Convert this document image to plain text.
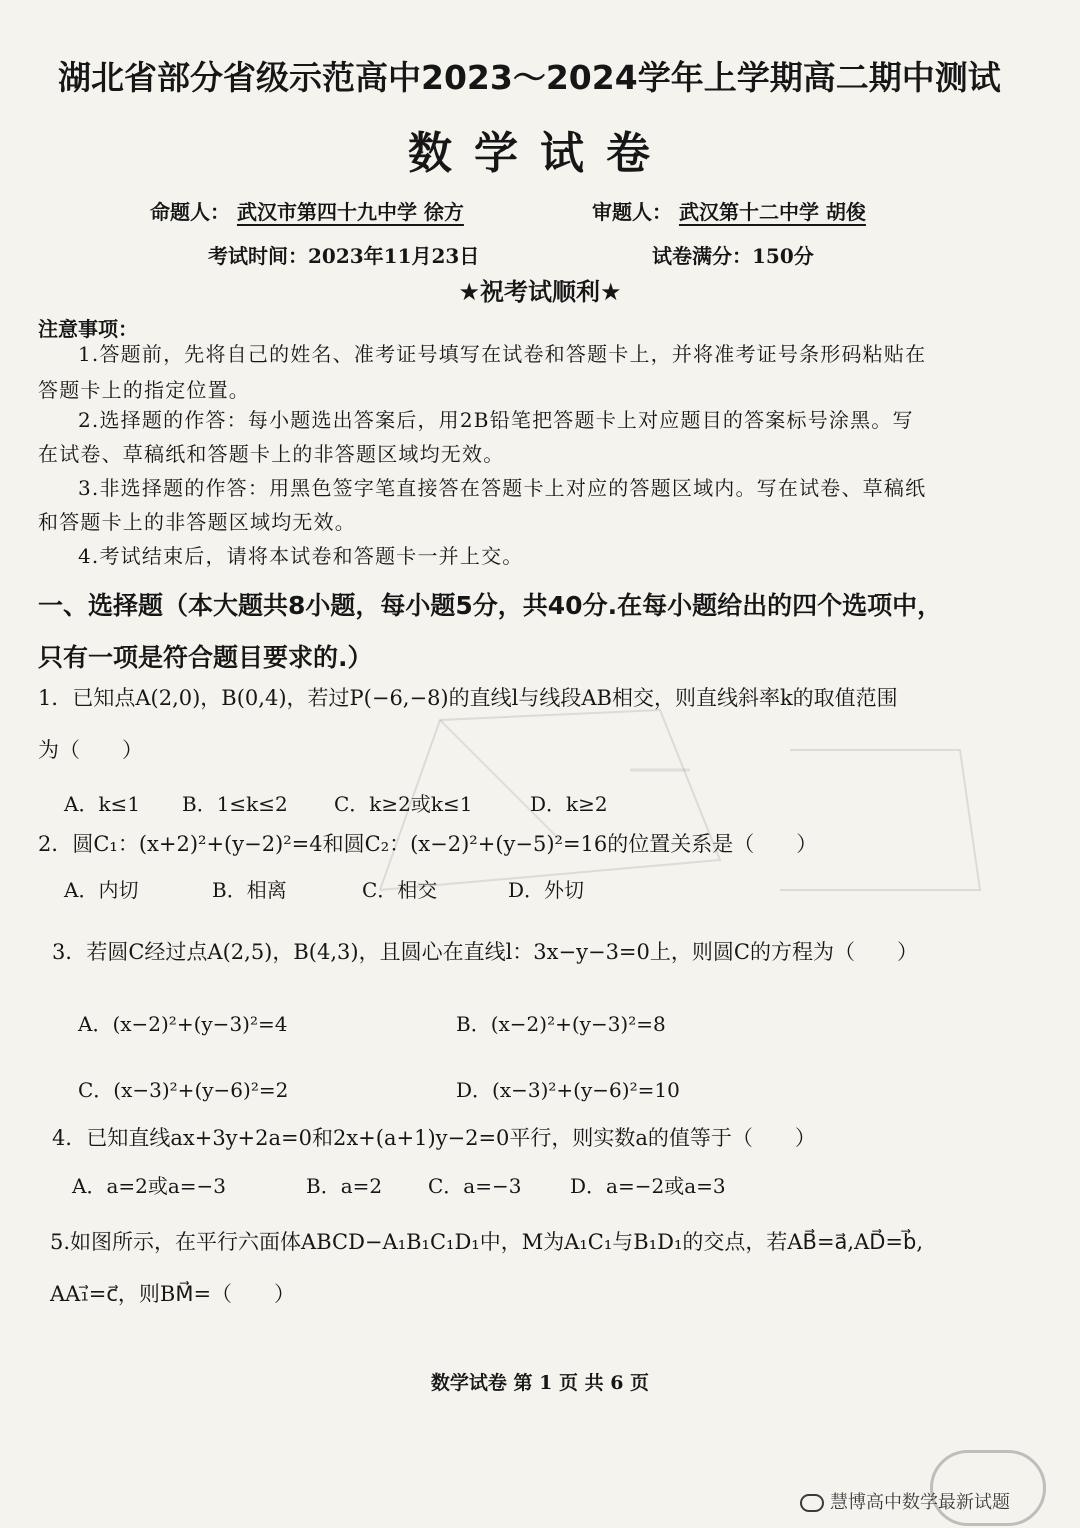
湖北省部分省级示范高中2023～2024学年上学期高二期中测试
数学试卷
命题人： 武汉市第四十九中学 徐方	审题人： 武汉第十二中学 胡俊
考试时间：2023年11月23日	试卷满分：150分
★祝考试顺利★
注意事项：
1.答题前，先将自己的姓名、准考证号填写在试卷和答题卡上，并将准考证号条形码粘贴在
答题卡上的指定位置。
2.选择题的作答：每小题选出答案后，用2B铅笔把答题卡上对应题目的答案标号涂黑。写
在试卷、草稿纸和答题卡上的非答题区域均无效。
3.非选择题的作答：用黑色签字笔直接答在答题卡上对应的答题区域内。写在试卷、草稿纸
和答题卡上的非答题区域均无效。
4.考试结束后，请将本试卷和答题卡一并上交。
一、选择题（本大题共8小题，每小题5分，共40分.在每小题给出的四个选项中，
只有一项是符合题目要求的.）
1．已知点A(2,0)，B(0,4)，若过P(−6,−8)的直线l与线段AB相交，则直线斜率k的取值范围
为（　　）
A．k≤1 B．1≤k≤2 C．k≥2或k≤1	D．k≥2
2．圆C₁：(x+2)²+(y−2)²=4和圆C₂：(x−2)²+(y−5)²=16的位置关系是（　　）
A．内切	B．相离	C．相交	D．外切
3．若圆C经过点A(2,5)，B(4,3)，且圆心在直线l：3x−y−3=0上，则圆C的方程为（　　）
A．(x−2)²+(y−3)²=4	B．(x−2)²+(y−3)²=8
C．(x−3)²+(y−6)²=2	D．(x−3)²+(y−6)²=10
4．已知直线ax+3y+2a=0和2x+(a+1)y−2=0平行，则实数a的值等于（　　）
A．a=2或a=−3	B．a=2 C．a=−3 D．a=−2或a=3
5.如图所示，在平行六面体ABCD−A₁B₁C₁D₁中，M为A₁C₁与B₁D₁的交点，若AB⃗=a⃗,AD⃗=b⃗,
AA₁⃗=c⃗，则BM⃗=（　　）
数学试卷 第 1 页 共 6 页
慧博高中数学最新试题
